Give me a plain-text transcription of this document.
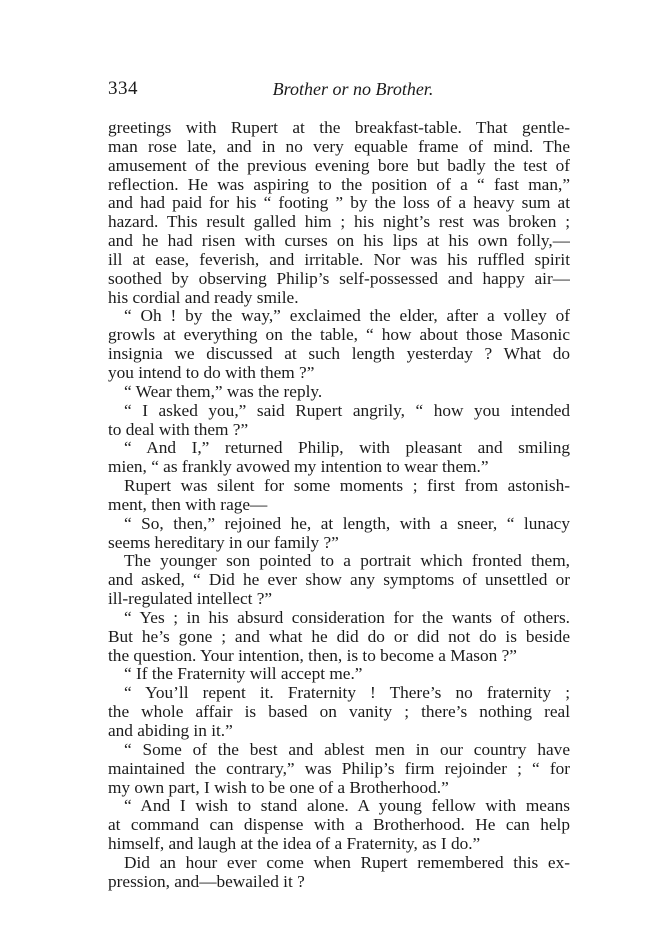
334	Brother or no Brother.
greetings with Rupert at the breakfast-table. That gentle-
man rose late, and in no very equable frame of mind. The
amusement of the previous evening bore but badly the test of
reflection. He was aspiring to the position of a “ fast man,”
and had paid for his “ footing ” by the loss of a heavy sum at
hazard. This result galled him ; his night’s rest was broken ;
and he had risen with curses on his lips at his own folly,—
ill at ease, feverish, and irritable. Nor was his ruffled spirit
soothed by observing Philip’s self-possessed and happy air—
his cordial and ready smile.
“ Oh ! by the way,” exclaimed the elder, after a volley of
growls at everything on the table, “ how about those Masonic
insignia we discussed at such length yesterday ? What do
you intend to do with them ?”
“ Wear them,” was the reply.
“ I asked you,” said Rupert angrily, “ how you intended
to deal with them ?”
“ And I,” returned Philip, with pleasant and smiling
mien, “ as frankly avowed my intention to wear them.”
Rupert was silent for some moments ; first from astonish-
ment, then with rage—
“ So, then,” rejoined he, at length, with a sneer, “ lunacy
seems hereditary in our family ?”
The younger son pointed to a portrait which fronted them,
and asked, “ Did he ever show any symptoms of unsettled or
ill-regulated intellect ?”
“ Yes ; in his absurd consideration for the wants of others.
But he’s gone ; and what he did do or did not do is beside
the question. Your intention, then, is to become a Mason ?”
“ If the Fraternity will accept me.”
“ You’ll repent it. Fraternity ! There’s no fraternity ;
the whole affair is based on vanity ; there’s nothing real
and abiding in it.”
“ Some of the best and ablest men in our country have
maintained the contrary,” was Philip’s firm rejoinder ; “ for
my own part, I wish to be one of a Brotherhood.”
“ And I wish to stand alone. A young fellow with means
at command can dispense with a Brotherhood. He can help
himself, and laugh at the idea of a Fraternity, as I do.”
Did an hour ever come when Rupert remembered this ex-
pression, and—bewailed it ?
